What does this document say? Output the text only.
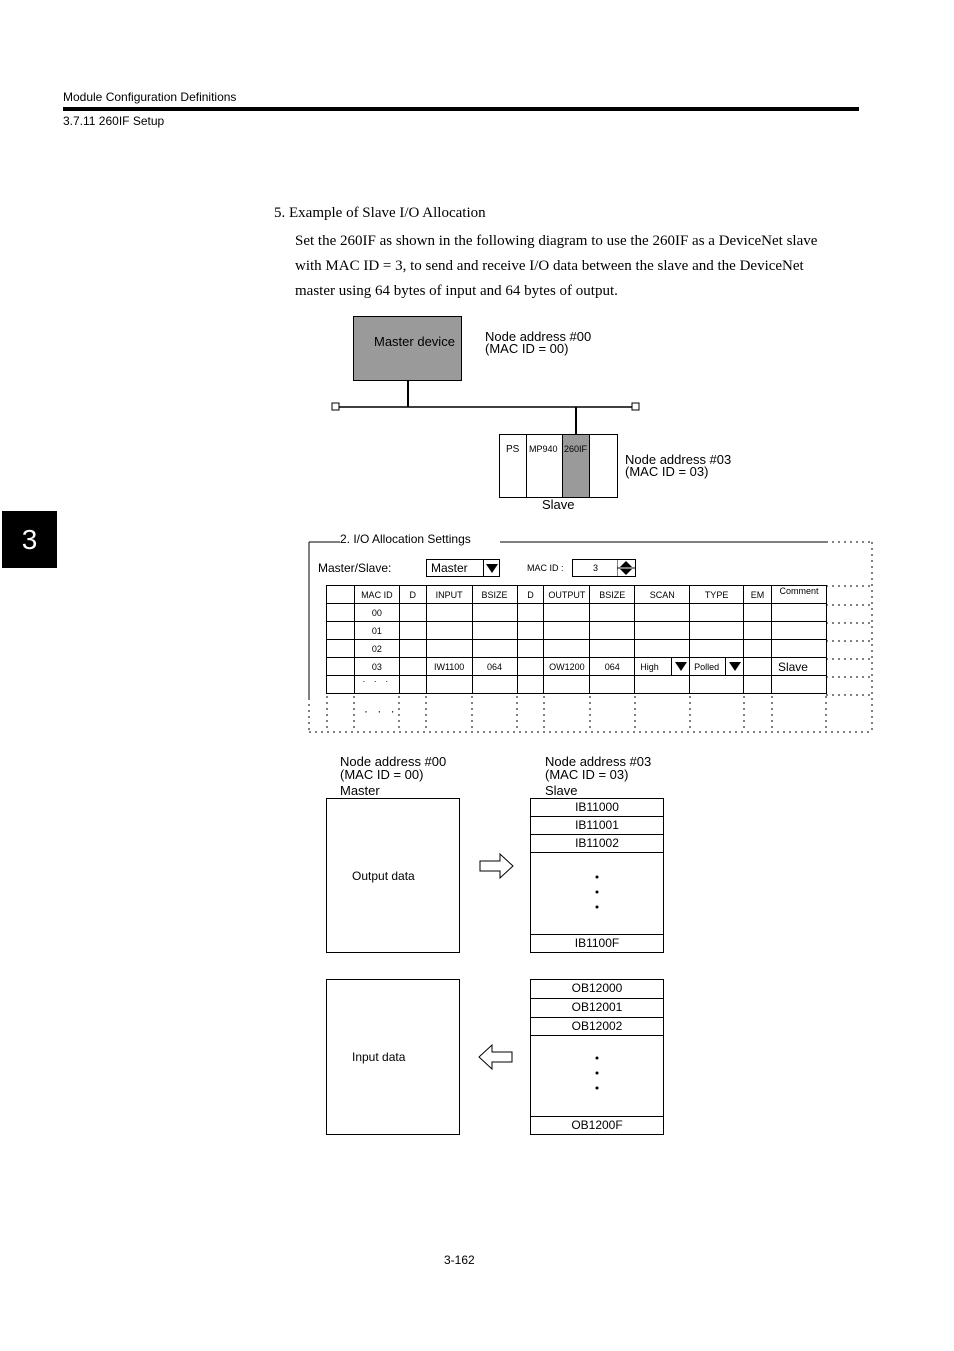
Module Configuration Definitions
3.7.11 260IF Setup
3
5. Example of Slave I/O Allocation
Set the 260IF as shown in the following diagram to use the 260IF as a DeviceNet slave
with MAC ID = 3, to send and receive I/O data between the slave and the DeviceNet
master using 64 bytes of input and 64 bytes of output.
Master device Node address #00
(MAC ID = 00)
PS MP940 260IF
Node address #03
(MAC ID = 03)
Slave
2. I/O Allocation Settings
Master/Slave:	Master	MAC ID :	3
	MAC ID	D	INPUT	BSIZE	D	OUTPUT	BSIZE	SCAN	TYPE	EM	Comment
	00										
	01										
	02										
	03		IW1100	064		OW1200	064	High	Polled		Slave
	· · ·										
· · ·
Node address #00
(MAC ID = 00)
Master
Node address #03
(MAC ID = 03)
Slave
Output data
IB11000
IB11001
IB11002
IB1100F
Input data
OB12000
OB12001
OB12002
OB1200F
3-162
